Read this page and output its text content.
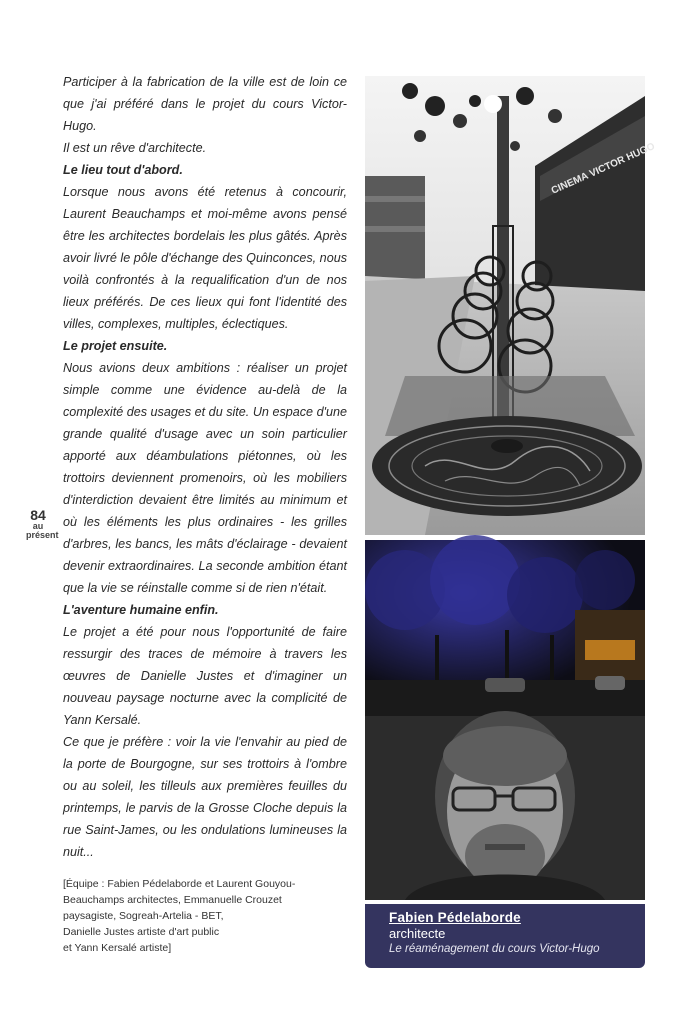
84
au présent

Participer à la fabrication de la ville est de loin ce que j'ai préféré dans le projet du cours Victor-Hugo.

Il est un rêve d'architecte.

Le lieu tout d'abord.

Lorsque nous avons été retenus à concourir, Laurent Beauchamps et moi-même avons pensé être les architectes bordelais les plus gâtés. Après avoir livré le pôle d'échange des Quinconces, nous voilà confrontés à la requalification d'un de nos lieux préférés. De ces lieux qui font l'identité des villes, complexes, multiples, éclectiques.

Le projet ensuite.

Nous avions deux ambitions : réaliser un projet simple comme une évidence au-delà de la complexité des usages et du site. Un espace d'une grande qualité d'usage avec un soin particulier apporté aux déambulations piétonnes, où les trottoirs deviennent promenoirs, où les mobiliers d'interdiction devaient être limités au minimum et où les éléments les plus ordinaires - les grilles d'arbres, les bancs, les mâts d'éclairage - devaient devenir extraordinaires. La seconde ambition étant que la vie se réinstalle comme si de rien n'était.

L'aventure humaine enfin.

Le projet a été pour nous l'opportunité de faire ressurgir des traces de mémoire à travers les œuvres de Danielle Justes et d'imaginer un nouveau paysage nocturne avec la complicité de Yann Kersalé.

Ce que je préfère : voir la vie l'envahir au pied de la porte de Bourgogne, sur ses trottoirs à l'ombre ou au soleil, les tilleuls aux premières feuilles du printemps, le parvis de la Grosse Cloche depuis la rue Saint-James, ou les ondulations lumineuses la nuit...

[Équipe : Fabien Pédelaborde et Laurent Gouyou-
Beauchamps architectes, Emmanuelle Crouzet
paysagiste, Sogreah-Artelia - BET,
Danielle Justes artiste d'art public
et Yann Kersalé artiste]
CINEMA VICTOR HUGO
Fabien Pédelaborde
architecte
Le réaménagement du cours Victor-Hugo
